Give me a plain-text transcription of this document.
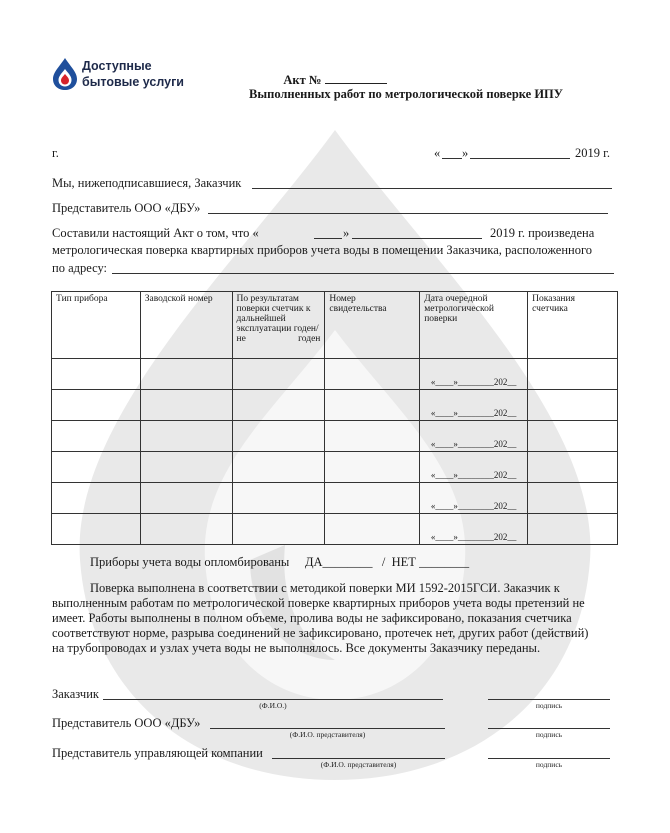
Доступные
бытовые услуги	Акт №
Выполненных работ по метрологической поверке ИПУ
г.	« »	2019 г.
Мы, нижеподписавшиеся, Заказчик
Представитель ООО «ДБУ»
Составили настоящий Акт о том, что «	»	2019 г. произведена
метрологическая поверка квартирных приборов учета воды в помещении Заказчика, расположенного
по адресу:
Тип прибора	Заводской номер	По результатам поверки счетчик к дальнейшей эксплуатации годен/не годен	Номер свидетельства	Дата очередной метрологической поверки	Показания счетчика
				«____»________202__	
				«____»________202__	
				«____»________202__	
				«____»________202__	
				«____»________202__	
				«____»________202__	
Приборы учета воды опломбированы ДА________ / НЕТ ________
Поверка выполнена в соответствии с методикой поверки МИ 1592-2015ГСИ. Заказчик к
выполненным работам по метрологической поверке квартирных приборов учета воды претензий не
имеет. Работы выполнены в полном объеме, пролива воды не зафиксировано, показания счетчика
соответствуют норме, разрыва соединений не зафиксировано, протечек нет, других работ (действий)
на трубопроводах и узлах учета воды не выполнялось. Все документы Заказчику переданы.
Заказчик
(Ф.И.О.)	подпись
Представитель ООО «ДБУ»
(Ф.И.О. представителя)	подпись
Представитель управляющей компании
(Ф.И.О. представителя)	подпись
